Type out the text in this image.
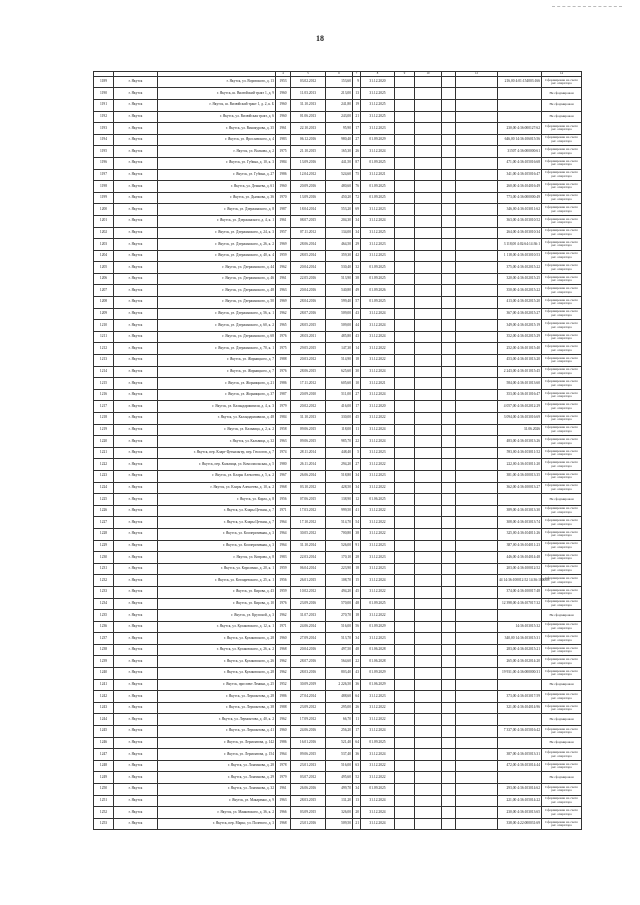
18
			4	5	6	7	8	9	10		12		14
1189	г. Якутск	г. Якутск, ул. Воровского, д. 13	1953	03.02.2012	153,60	9	31.12.2020					216,00 4:01:154003:166	Сформирован на счете рег. оператора
1190	г. Якутск	г. Якутск, ш. Вилюйский тракт 1, д. 9	1960	11.03.2013	213,00	13	31.12.2025						Не сформирован
1191	г. Якутск	г. Якутск, ш. Вилюйский тракт 1, д. 2, к. Б	1960	31.10.2013	241,80	19	31.12.2025						Не сформирован
1192	г. Якутск	г. Якутск, ул. Вилюйская тракт, д. 6	1960	01.06.2013	243,00	21	31.12.2025						Не сформирован
1193	г. Якутск	г. Якутск, ул. Винокурова, д. 35	1961	22.10.2013	95,90	17	31.12.2023					230,00 4:36:000127:62	Сформирован на счете рег. оператора
1194	г. Якутск	г. Якутск, ул. Ярославского, д. 4	1983	06.12.2016	980,40	27	01.09.2029					646,00 14:36:106015:56	Сформирован на счете рег. оператора
1195	г. Якутск	г. Якутск, ул. Волкова, д. 2	1975	21.10.2015	165,30	26	31.12.2024					31507 4:36:000000:61	Сформирован на счете рег. оператора
1196	г. Якутск	г. Якутск, ул. Губина, д. 10, к. 3	1984	13.09.2016	441,50	87	01.09.2025					471,00 4:36:105016:68	Сформирован на счете рег. оператора
1197	г. Якутск	г. Якутск, ул. Губина, д. 27	1986	12.04.2012	524,60	75	31.12.2021					341,00 4:36:105016:47	Сформирован на счете рег. оператора
1198	г. Якутск	г. Якутск, ул. Дежнева, д. 61	1960	20.09.2016	480,60	76	01.09.2025					260,00 4:36:104016:49	Сформирован на счете рег. оператора
1199	г. Якутск	г. Якутск, ул. Дьячкова, д. 36	1970	13.09.2016	450,20	72	01.09.2025					773,00 4:36:000000:49	Сформирован на счете рег. оператора
1200	г. Якутск	г. Якутск, ул. Дзержинского, д. 8	1987	18.04.2014	553,20	69	31.12.2023					346,00 4:36:103011:62	Сформирован на счете рег. оператора
1201	г. Якутск	г. Якутск, ул. Дзержинского, д. 4, к. 1	1961	08.07.2015	204,30	34	31.12.2024					363,00 4:36:103010:52	Сформирован на счете рег. оператора
1202	г. Якутск	г. Якутск, ул. Дзержинского, д. 24, к. 3	1957	07.11.2012	134,00	34	31.12.2025					264,00 4:36:103010:34	Сформирован на счете рег. оператора
1203	г. Якутск	г. Якутск, ул. Дзержинского, д. 26, к. 2	1969	28.06.2014	464,50	29	31.12.2023					3 118,00 4:02:64:14:36:1	Сформирован на счете рег. оператора
1204	г. Якутск	г. Якутск, ул. Дзержинского, д. 40, к. 4	1959	28.05.2014	359,30	42	31.12.2023					1 118,00 4:36:103010:53	Сформирован на счете рег. оператора
1205	г. Якутск	г. Якутск, ул. Дзержинского, д. 44	1962	20.04.2014	530,40	32	01.09.2025					375,00 4:36:102015:22	Сформирован на счете рег. оператора
1206	г. Якутск	г. Якутск, ул. Дзержинского, д. 46	1961	22.05.2016	513,90	38	01.09.2025					320,00 4:36:102015:25	Сформирован на счете рег. оператора
1207	г. Якутск	г. Якутск, ул. Дзержинского, д. 48	1963	20.04.2016	540,80	49	01.09.2026					350,00 4:36:102015:22	Сформирован на счете рег. оператора
1208	г. Якутск	г. Якутск, ул. Дзержинского, д. 50	1969	28.04.2016	599,40	57	01.09.2025					413,00 4:36:102015:20	Сформирован на счете рег. оператора
1209	г. Якутск	г. Якутск, ул. Дзержинского, д. 56, к. 1	1962	28.07.2016	509,00	43	31.12.2024					367,00 4:36:102015:27	Сформирован на счете рег. оператора
1210	г. Якутск	г. Якутск, ул. Дзержинского, д. 60, к. 2	1965	28.05.2015	509,00	44	31.12.2024					349,00 4:36:102015:19	Сформирован на счете рег. оператора
1211	г. Якутск	г. Якутск, ул. Дзержинского, д. 68	1976	28.03.2011	485,80	43	31.12.2024					352,00 4:36:102015:29	Сформирован на счете рег. оператора
1212	г. Якутск	г. Якутск, ул. Дзержинского, д. 70, к. 1	1975	29.05.2015	147,30	14	31.12.2022					252,00 4:36:101015:40	Сформирован на счете рег. оператора
1213	г. Якутск	г. Якутск, ул. Жорницкого, д. 7	1988	20.03.2012	514,90	18	31.12.2022					453,00 4:36:101013:20	Сформирован на счете рег. оператора
1214	г. Якутск	г. Якутск, ул. Жорницкого, д. 7	1976	28.06.2015	625,60	30	31.12.2024					2 243,00 4:36:101015:45	Сформирован на счете рег. оператора
1215	г. Якутск	г. Якутск, ул. Жорницкого, д. 21	1986	17.11.2012	605,60	10	31.12.2021					584,00 4:36:101013:60	Сформирован на счете рег. оператора
1216	г. Якутск	г. Якутск, ул. Жорницкого, д. 37	1987	20.09.2010	511,00	27	31.12.2024					353,00 4:36:101016:47	Сформирован на счете рег. оператора
1217	г. Якутск	г. Якутск, ул. Каландаришвили, д. 4, к. 3	1979	20.02.2012	416,00	17	31.12.2020					4 057,00 4:36:102012:29	Сформирован на счете рег. оператора
1218	г. Якутск	г. Якутск, ул. Каландаришвили, д. 48	1984	31.10.2013	330,00	45	31.12.2022					3 094,00 4:36:103016:69	Сформирован на счете рег. оператора
1219	г. Якутск	г. Якутск, ул. Кальвица, д. 2, к. 2	1958	09.06.2015	118,00	11	31.12.2024					31.06.2026	Сформирован на счете рег. оператора
1220	г. Якутск	г. Якутск, ул. Кальвица, д. 32	1963	09.06.2015	985,70	22	31.12.2024					483,00 4:36:103013:26	Сформирован на счете рег. оператора
1221	г. Якутск	г. Якутск, пер. Кларт-Цетнальгер, пер. Геологов, д. 7	1974	28.11.2014	448,40	5	31.12.2023					593,00 4:36:103011:52	Сформирован на счете рег. оператора
1222	г. Якутск	г. Якутск, пер. Кальвица, ул. Комсомольская, д. 5	1980	26.11.2014	294,20	27	31.12.2022					222,00 4:36:103011:20	Сформирован на счете рег. оператора
1223	г. Якутск	г. Якутск, ул. Клары Алексеева, д. 5, к. 2	1967	26.06.2014	518,80	34	31.12.2023					381,00 4:36:100013:35	Сформирован на счете рег. оператора
1224	г. Якутск	г. Якутск, ул. Клары Алексеева, д. 10, к. 2	1968	03.10.2012	428,50	34	31.12.2022					362,00 4:36:100013:27	Сформирован на счете рег. оператора
1225	г. Якутск	г. Якутск, ул. Карла, д. 8	1956	07.06.2015	138,90	12	01.06.2025						Не сформирован
1226	г. Якутск	г. Якутск, ул. Клары Цеткин, д. 7	1971	17.03.2012	999,50	41	31.12.2022					389,00 4:36:103013:30	Сформирован на счете рег. оператора
1227	г. Якутск	г. Якутск, ул. Клары Цеткин, д. 7	1964	17.10.2012	514,70	54	31.12.2022					308,00 4:36:103013:74	Сформирован на счете рег. оператора
1228	г. Якутск	г. Якутск, ул. Кооперативная, д. 3	1964	30.05.2012	700,80	38	31.12.2022					325,00 4:36:104011:26	Сформирован на счете рег. оператора
1229	г. Якутск	г. Якутск, ул. Кооперативная, д. 3	1964	31.10.2014	526,00	91	31.12.2023					387,00 4:36:104011:23	Сформирован на счете рег. оператора
1230	г. Якутск	г. Якутск, ул. Коврова, д. 8	1983	22.03.2014	170,10	28	31.12.2023					446,00 4:36:104014:48	Сформирован на счете рег. оператора
1231	г. Якутск	г. Якутск, ул. Короленко, д. 20, к. 1	1959	06.04.2014	223,90	18	31.12.2023					203,00 4:36:100012:52	Сформирован на счете рег. оператора
1232	г. Якутск	г. Якутск, ул. Котляревского, д. 25, к. 1	1956	26.01.2015	108,70	15	31.12.2024					44 14:36:100012:52 14:36:100000:	Сформирован на счете рег. оператора
1233	г. Якутск	г. Якутск, ул. Кирова, д. 43	1959	10.02.2012	494,20	45	31.12.2022					374,00 4:36:100017:48	Сформирован на счете рег. оператора
1234	г. Якутск	г. Якутск, ул. Кирова, д. 10	1976	23.09.2016	570,00	48	01.09.2025					12 398,00 4:36:107017:32	Сформирован на счете рег. оператора
1235	г. Якутск	г. Якутск, ул. Крупской, д. 3	1962	31.07.2013	270,70	18	31.12.2022						Не сформирован
1236	г. Якутск	г. Якутск, ул. Кулаковского, д. 12, к. 1	1971	24.06.2014	516,00	56	01.09.2029					14:36:103015:32	Сформирован на счете рег. оператора
1237	г. Якутск	г. Якутск, ул. Кулаковского, д. 28	1960	27.09.2014	513,70	34	31.12.2023					340,00 14:36:103015:31	Сформирован на счете рег. оператора
1238	г. Якутск	г. Якутск, ул. Кулаковского, д. 26, к. 2	1968	20.04.2016	497,50	48	01.06.2028					283,00 4:36:102015:21	Сформирован на счете рег. оператора
1239	г. Якутск	г. Якутск, ул. Кулаковского, д. 26	1962	28.07.2016	564,60	22	01.06.2028					265,00 4:36:102014:20	Сформирован на счете рег. оператора
1240	г. Якутск	г. Якутск, ул. Кулаковского, д. 28	1962	28.03.2016	803,40	43	01.09.2029					19 931,00 4:36:000000:31	Сформирован на счете рег. оператора
1241	г. Якутск	г. Якутск, проспект Ленина, д. 25	1952	30.09.2019	2 226,50	36	01.06.2029						Не сформирован
1242	г. Якутск	г. Якутск, ул. Лермонтова, д. 28	1986	27.04.2014	488,60	64	31.12.2023					373,00 4:36:103017:59	Сформирован на счете рег. оператора
1243	г. Якутск	г. Якутск, ул. Лермонтова, д. 38	1988	23.09.2012	295,00	26	31.12.2022					321,00 4:36:104014:96	Сформирован на счете рег. оператора
1244	г. Якутск	г. Якутск, ул. Лермонтова, д. 40, к. 2	1962	17.09.2012	66,70	11	31.12.2022						Не сформирован
1245	г. Якутск	г. Якутск, ул. Лермонтова, д. 41	1960	24.06.2016	256,20	17	31.12.2024					7 337,00 4:36:105016:42	Сформирован на счете рег. оператора
1246	г. Якутск	г. Якутск, ул. Лермонтова, д. 142	1986	16.01.2016	521,40	64	01.09.2025						Не сформирован
1247	г. Якутск	г. Якутск, ул. Лермонтова, д. 154	1964	09.06.2015	537,40	36	31.12.2024					387,00 4:36:105013:31	Сформирован на счете рег. оператора
1248	г. Якутск	г. Якутск, ул. Лонгинова, д. 28	1978	23.01.2013	516,00	63	31.12.2022					472,00 4:36:103014:44	Сформирован на счете рег. оператора
1249	г. Якутск	г. Якутск, ул. Лонгинова, д. 29	1979	03.07.2012	495,60	52	31.12.2022						Не сформирован
1250	г. Якутск	г. Якутск, ул. Лонгинова, д. 32	1961	26.06.2016	499,70	34	01.09.2025					293,00 4:36:103014:62	Сформирован на счете рег. оператора
1251	г. Якутск	г. Якутск, ул. Макаренко, д. 9	1963	28.03.2015	131,20	13	31.12.2024					221,00 4:36:105014:22	Сформирован на счете рег. оператора
1252	г. Якутск	г. Якутск, ул. Маяковского, д. 36, к. 2	1966	03.09.2015	326,00	20	31.12.2024					230,00 4:36:103013:65	Сформирован на счете рег. оператора
1253	г. Якутск	г. Якутск, пер. Маркс, ул. Полевого, д. 3	1968	23.01.2016	509,50	21	31.12.2024					338,00 4:22:000031:69	Сформирован на счете рег. оператора
